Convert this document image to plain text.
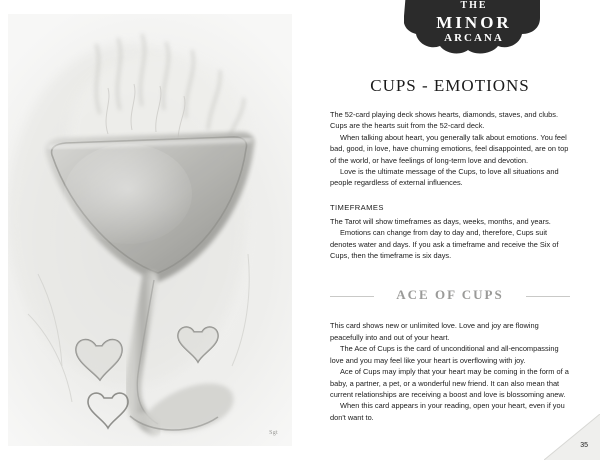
Sgt
THE
MINOR
ARCANA
CUPS - EMOTIONS

The 52-card playing deck shows hearts, diamonds, staves, and clubs. Cups are the hearts suit from the 52-card deck.

When talking about heart, you generally talk about emotions. You feel bad, good, in love, have churning emotions, feel disappointed, are on top of the world, or have feelings of long-term love and devotion.

Love is the ultimate message of the Cups, to love all situations and people regardless of external influences.

TIMEFRAMES

The Tarot will show timeframes as days, weeks, months, and years.

Emotions can change from day to day and, therefore, Cups suit denotes water and days. If you ask a timeframe and receive the Six of Cups, then the timeframe is six days.

ACE OF CUPS

This card shows new or unlimited love. Love and joy are flowing peacefully into and out of your heart.

The Ace of Cups is the card of unconditional and all-encompassing love and you may feel like your heart is overflowing with joy.

Ace of Cups may imply that your heart may be coming in the form of a baby, a partner, a pet, or a wonderful new friend. It can also mean that current relationships are receiving a boost and love is blossoming anew.

When this card appears in your reading, open your heart, even if you don't want to.

35
